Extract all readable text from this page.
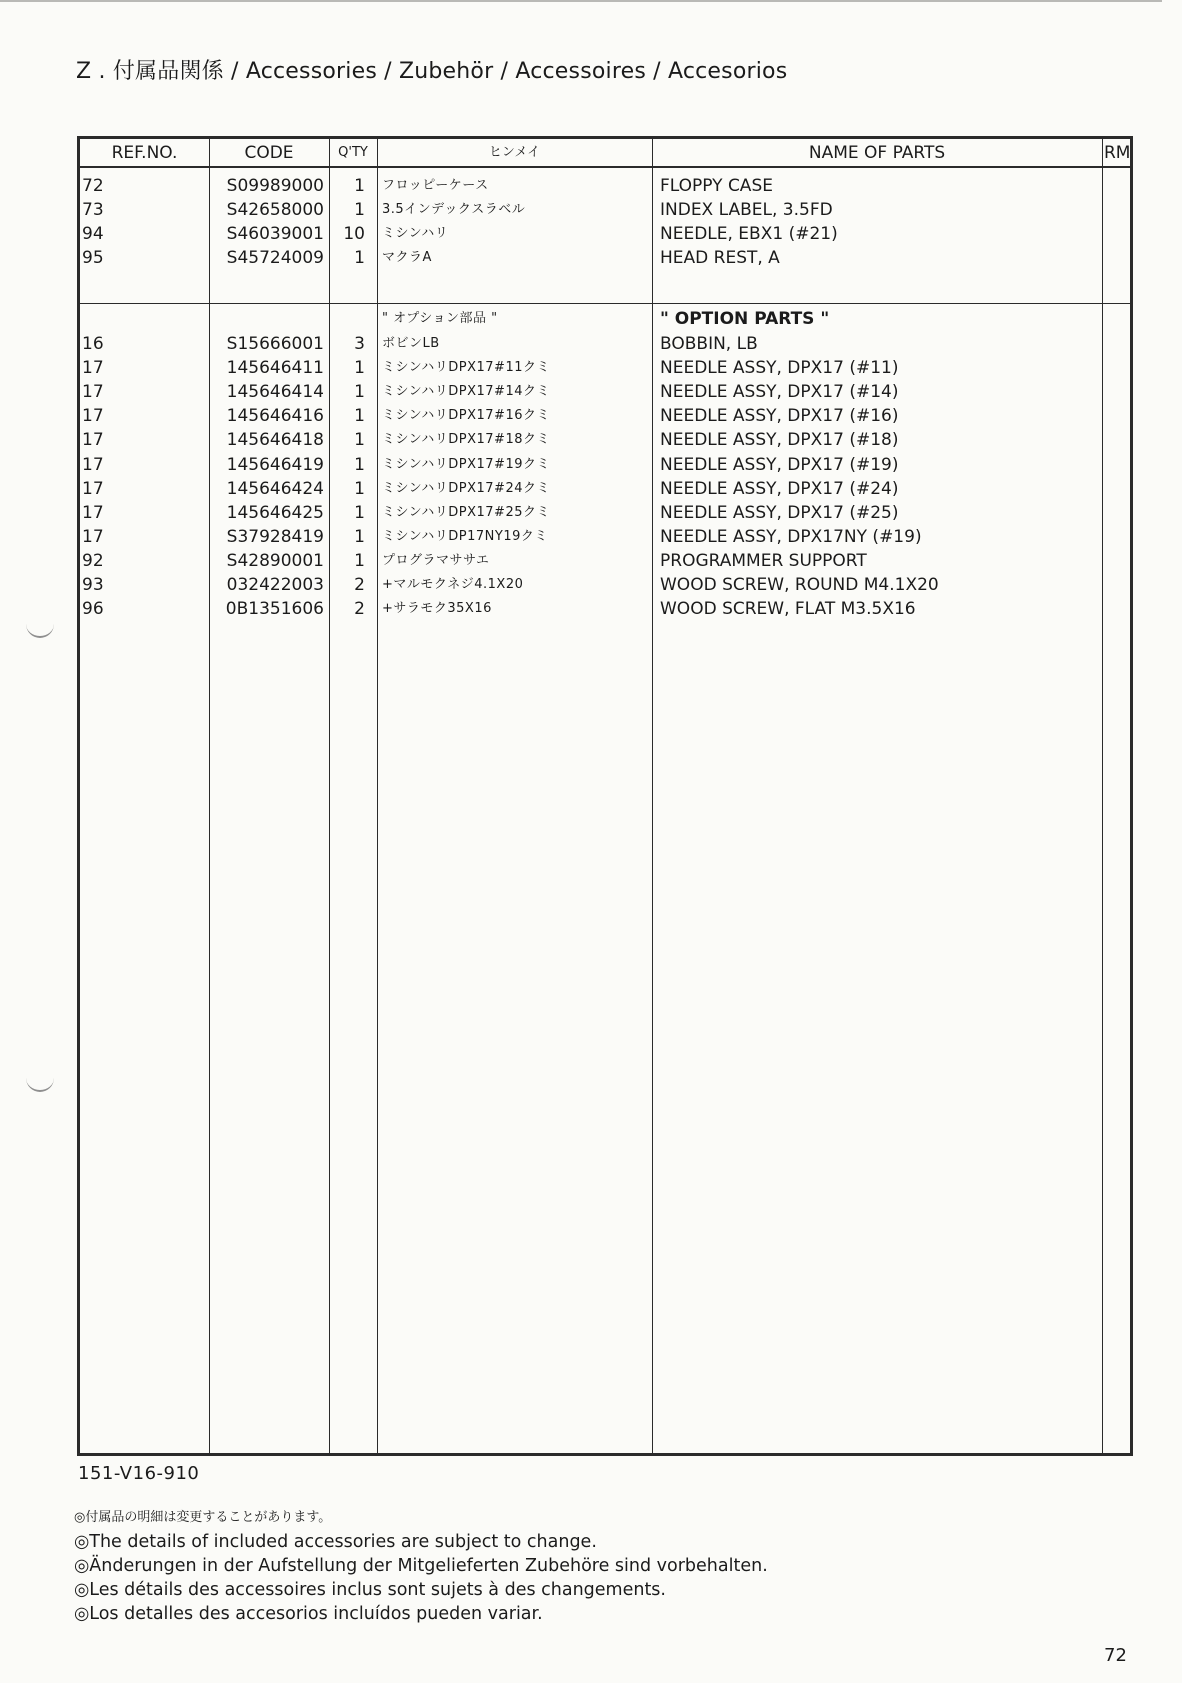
Z . 付属品関係 / Accessories / Zubehör / Accessoires / Accesorios
REF.NO.	CODE	Q'TY	ヒンメイ	NAME OF PARTS	RM
72	S09989000	1 フロッピーケース	FLOPPY CASE
73	S42658000	1 3.5インデックスラベル	INDEX LABEL, 3.5FD
94	S46039001	10 ミシンハリ	NEEDLE, EBX1 (#21)
95	S45724009	1 マクラA	HEAD REST, A
" オプション部品 "	" OPTION PARTS "
16	S15666001	3 ボビンLB	BOBBIN, LB
17	145646411	1 ミシンハリDPX17#11クミ	NEEDLE ASSY, DPX17 (#11)
17	145646414	1 ミシンハリDPX17#14クミ	NEEDLE ASSY, DPX17 (#14)
17	145646416	1 ミシンハリDPX17#16クミ	NEEDLE ASSY, DPX17 (#16)
17	145646418	1 ミシンハリDPX17#18クミ	NEEDLE ASSY, DPX17 (#18)
17	145646419	1 ミシンハリDPX17#19クミ	NEEDLE ASSY, DPX17 (#19)
17	145646424	1 ミシンハリDPX17#24クミ	NEEDLE ASSY, DPX17 (#24)
17	145646425	1 ミシンハリDPX17#25クミ	NEEDLE ASSY, DPX17 (#25)
17	S37928419	1 ミシンハリDP17NY19クミ	NEEDLE ASSY, DPX17NY (#19)
92	S42890001	1 プログラマササエ	PROGRAMMER SUPPORT
93	032422003	2 +マルモクネジ4.1X20	WOOD SCREW, ROUND M4.1X20
96	0B1351606	2 +サラモク35X16	WOOD SCREW, FLAT M3.5X16
151-V16-910
◎付属品の明細は変更することがあります。
◎The details of included accessories are subject to change.
◎Änderungen in der Aufstellung der Mitgelieferten Zubehöre sind vorbehalten.
◎Les détails des accessoires inclus sont sujets à des changements.
◎Los detalles des accesorios incluídos pueden variar.
72
